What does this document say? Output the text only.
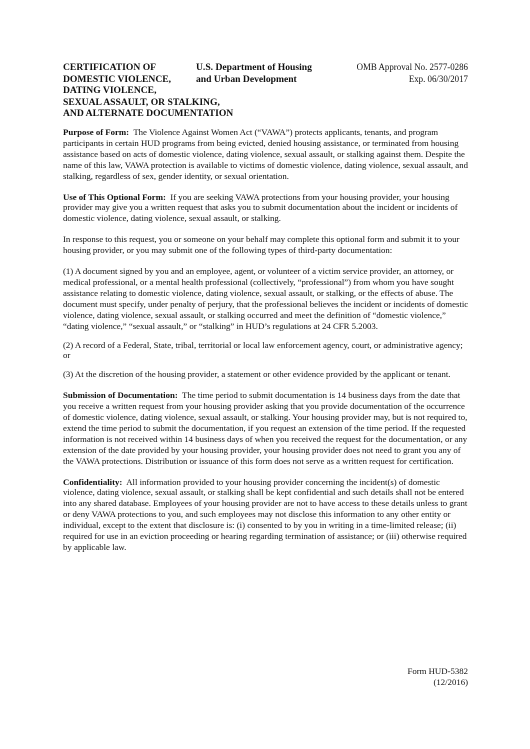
CERTIFICATION OF
DOMESTIC VIOLENCE,
DATING VIOLENCE,
SEXUAL ASSAULT, OR STALKING,
AND ALTERNATE DOCUMENTATION
U.S. Department of Housing
and Urban Development
OMB Approval No. 2577-0286
Exp. 06/30/2017

Purpose of Form: The Violence Against Women Act (“VAWA”) protects applicants, tenants, and program participants in certain HUD programs from being evicted, denied housing assistance, or terminated from housing assistance based on acts of domestic violence, dating violence, sexual assault, or stalking against them. Despite the name of this law, VAWA protection is available to victims of domestic violence, dating violence, sexual assault, and stalking, regardless of sex, gender identity, or sexual orientation.

Use of This Optional Form: If you are seeking VAWA protections from your housing provider, your housing provider may give you a written request that asks you to submit documentation about the incident or incidents of domestic violence, dating violence, sexual assault, or stalking.

In response to this request, you or someone on your behalf may complete this optional form and submit it to your housing provider, or you may submit one of the following types of third-party documentation:

(1) A document signed by you and an employee, agent, or volunteer of a victim service provider, an attorney, or medical professional, or a mental health professional (collectively, “professional”) from whom you have sought assistance relating to domestic violence, dating violence, sexual assault, or stalking, or the effects of abuse. The document must specify, under penalty of perjury, that the professional believes the incident or incidents of domestic violence, dating violence, sexual assault, or stalking occurred and meet the definition of “domestic violence,” “dating violence,” “sexual assault,” or “stalking” in HUD’s regulations at 24 CFR 5.2003.

(2) A record of a Federal, State, tribal, territorial or local law enforcement agency, court, or administrative agency; or

(3) At the discretion of the housing provider, a statement or other evidence provided by the applicant or tenant.

Submission of Documentation: The time period to submit documentation is 14 business days from the date that you receive a written request from your housing provider asking that you provide documentation of the occurrence of domestic violence, dating violence, sexual assault, or stalking. Your housing provider may, but is not required to, extend the time period to submit the documentation, if you request an extension of the time period. If the requested information is not received within 14 business days of when you received the request for the documentation, or any extension of the date provided by your housing provider, your housing provider does not need to grant you any of the VAWA protections. Distribution or issuance of this form does not serve as a written request for certification.

Confidentiality: All information provided to your housing provider concerning the incident(s) of domestic violence, dating violence, sexual assault, or stalking shall be kept confidential and such details shall not be entered into any shared database. Employees of your housing provider are not to have access to these details unless to grant or deny VAWA protections to you, and such employees may not disclose this information to any other entity or individual, except to the extent that disclosure is: (i) consented to by you in writing in a time-limited release; (ii) required for use in an eviction proceeding or hearing regarding termination of assistance; or (iii) otherwise required by applicable law.

Form HUD-5382
(12/2016)
